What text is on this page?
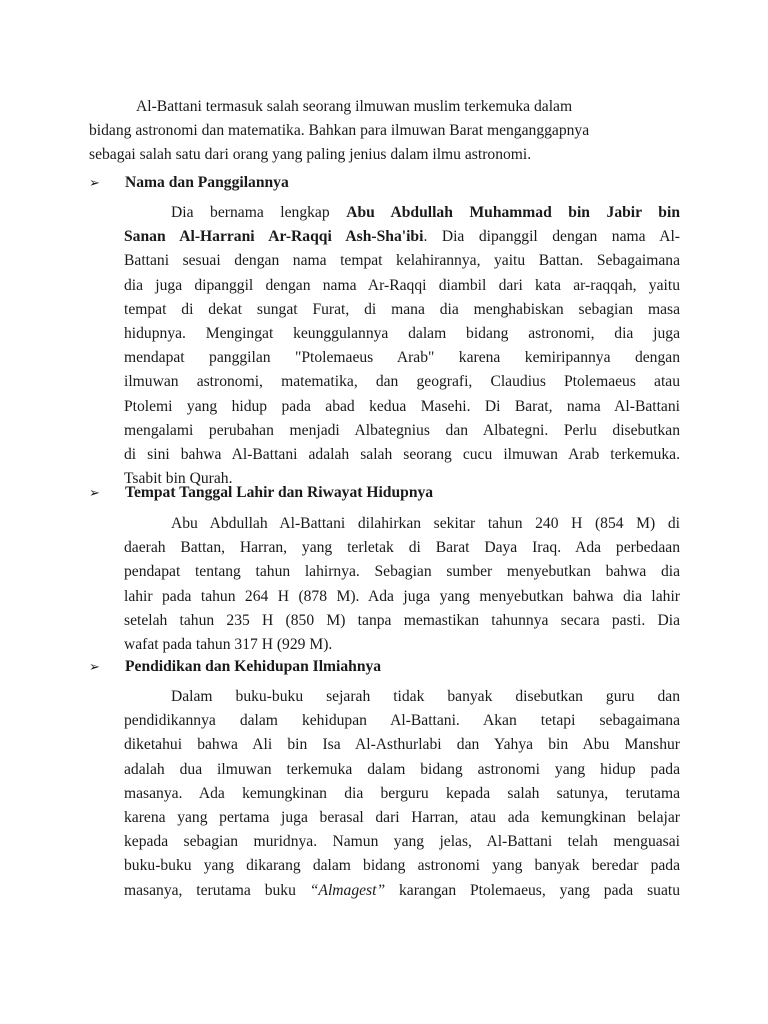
Al-Battani termasuk salah seorang ilmuwan muslim terkemuka dalam
bidang astronomi dan matematika. Bahkan para ilmuwan Barat menganggapnya
sebagai salah satu dari orang yang paling jenius dalam ilmu astronomi.
➢ Nama dan Panggilannya
Dia bernama lengkap Abu Abdullah Muhammad bin Jabir bin
Sanan Al-Harrani Ar-Raqqi Ash-Sha'ibi. Dia dipanggil dengan nama Al-
Battani sesuai dengan nama tempat kelahirannya, yaitu Battan. Sebagaimana
dia juga dipanggil dengan nama Ar-Raqqi diambil dari kata ar-raqqah, yaitu
tempat di dekat sungat Furat, di mana dia menghabiskan sebagian masa
hidupnya. Mengingat keunggulannya dalam bidang astronomi, dia juga
mendapat panggilan "Ptolemaeus Arab" karena kemiripannya dengan
ilmuwan astronomi, matematika, dan geografi, Claudius Ptolemaeus atau
Ptolemi yang hidup pada abad kedua Masehi. Di Barat, nama Al-Battani
mengalami perubahan menjadi Albategnius dan Albategni. Perlu disebutkan
di sini bahwa Al-Battani adalah salah seorang cucu ilmuwan Arab terkemuka.
Tsabit bin Qurah.
➢ Tempat Tanggal Lahir dan Riwayat Hidupnya
Abu Abdullah Al-Battani dilahirkan sekitar tahun 240 H (854 M) di
daerah Battan, Harran, yang terletak di Barat Daya Iraq. Ada perbedaan
pendapat tentang tahun lahirnya. Sebagian sumber menyebutkan bahwa dia
lahir pada tahun 264 H (878 M). Ada juga yang menyebutkan bahwa dia lahir
setelah tahun 235 H (850 M) tanpa memastikan tahunnya secara pasti. Dia
wafat pada tahun 317 H (929 M).
➢ Pendidikan dan Kehidupan Ilmiahnya
Dalam buku-buku sejarah tidak banyak disebutkan guru dan
pendidikannya dalam kehidupan Al-Battani. Akan tetapi sebagaimana
diketahui bahwa Ali bin Isa Al-Asthurlabi dan Yahya bin Abu Manshur
adalah dua ilmuwan terkemuka dalam bidang astronomi yang hidup pada
masanya. Ada kemungkinan dia berguru kepada salah satunya, terutama
karena yang pertama juga berasal dari Harran, atau ada kemungkinan belajar
kepada sebagian muridnya. Namun yang jelas, Al-Battani telah menguasai
buku-buku yang dikarang dalam bidang astronomi yang banyak beredar pada
masanya, terutama buku “Almagest” karangan Ptolemaeus, yang pada suatu
